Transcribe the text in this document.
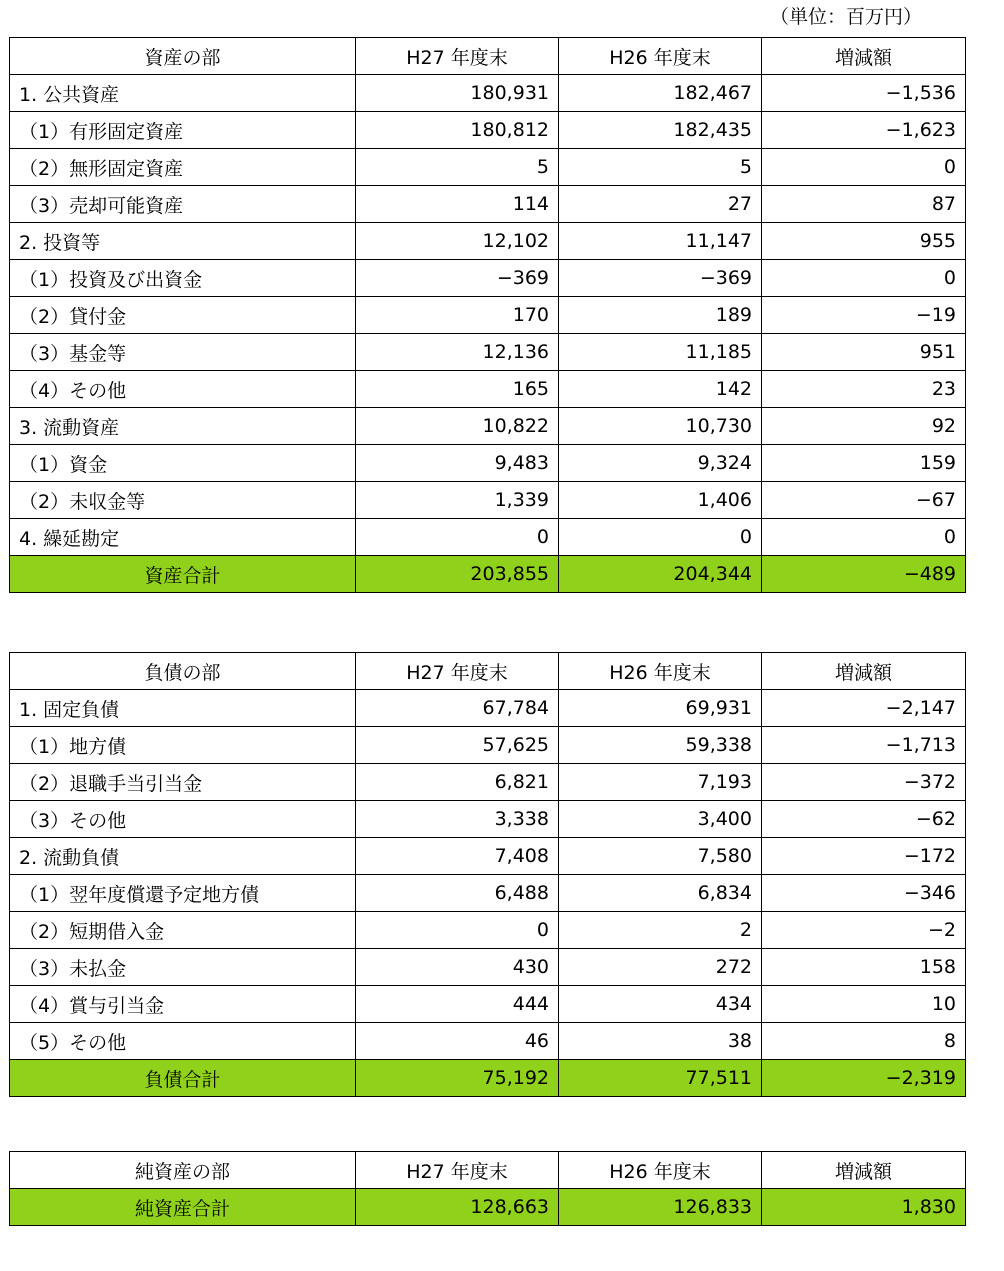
（単位：百万円）
資産の部	H27 年度末	H26 年度末	増減額
1. 公共資産	180,931	182,467	−1,536
（1）有形固定資産	180,812	182,435	−1,623
（2）無形固定資産	5	5	0
（3）売却可能資産	114	27	87
2. 投資等	12,102	11,147	955
（1）投資及び出資金	−369	−369	0
（2）貸付金	170	189	−19
（3）基金等	12,136	11,185	951
（4）その他	165	142	23
3. 流動資産	10,822	10,730	92
（1）資金	9,483	9,324	159
（2）未収金等	1,339	1,406	−67
4. 繰延勘定	0	0	0
資産合計	203,855	204,344	−489
負債の部	H27 年度末	H26 年度末	増減額
1. 固定負債	67,784	69,931	−2,147
（1）地方債	57,625	59,338	−1,713
（2）退職手当引当金	6,821	7,193	−372
（3）その他	3,338	3,400	−62
2. 流動負債	7,408	7,580	−172
（1）翌年度償還予定地方債	6,488	6,834	−346
（2）短期借入金	0	2	−2
（3）未払金	430	272	158
（4）賞与引当金	444	434	10
（5）その他	46	38	8
負債合計	75,192	77,511	−2,319
純資産の部	H27 年度末	H26 年度末	増減額
純資産合計	128,663	126,833	1,830
